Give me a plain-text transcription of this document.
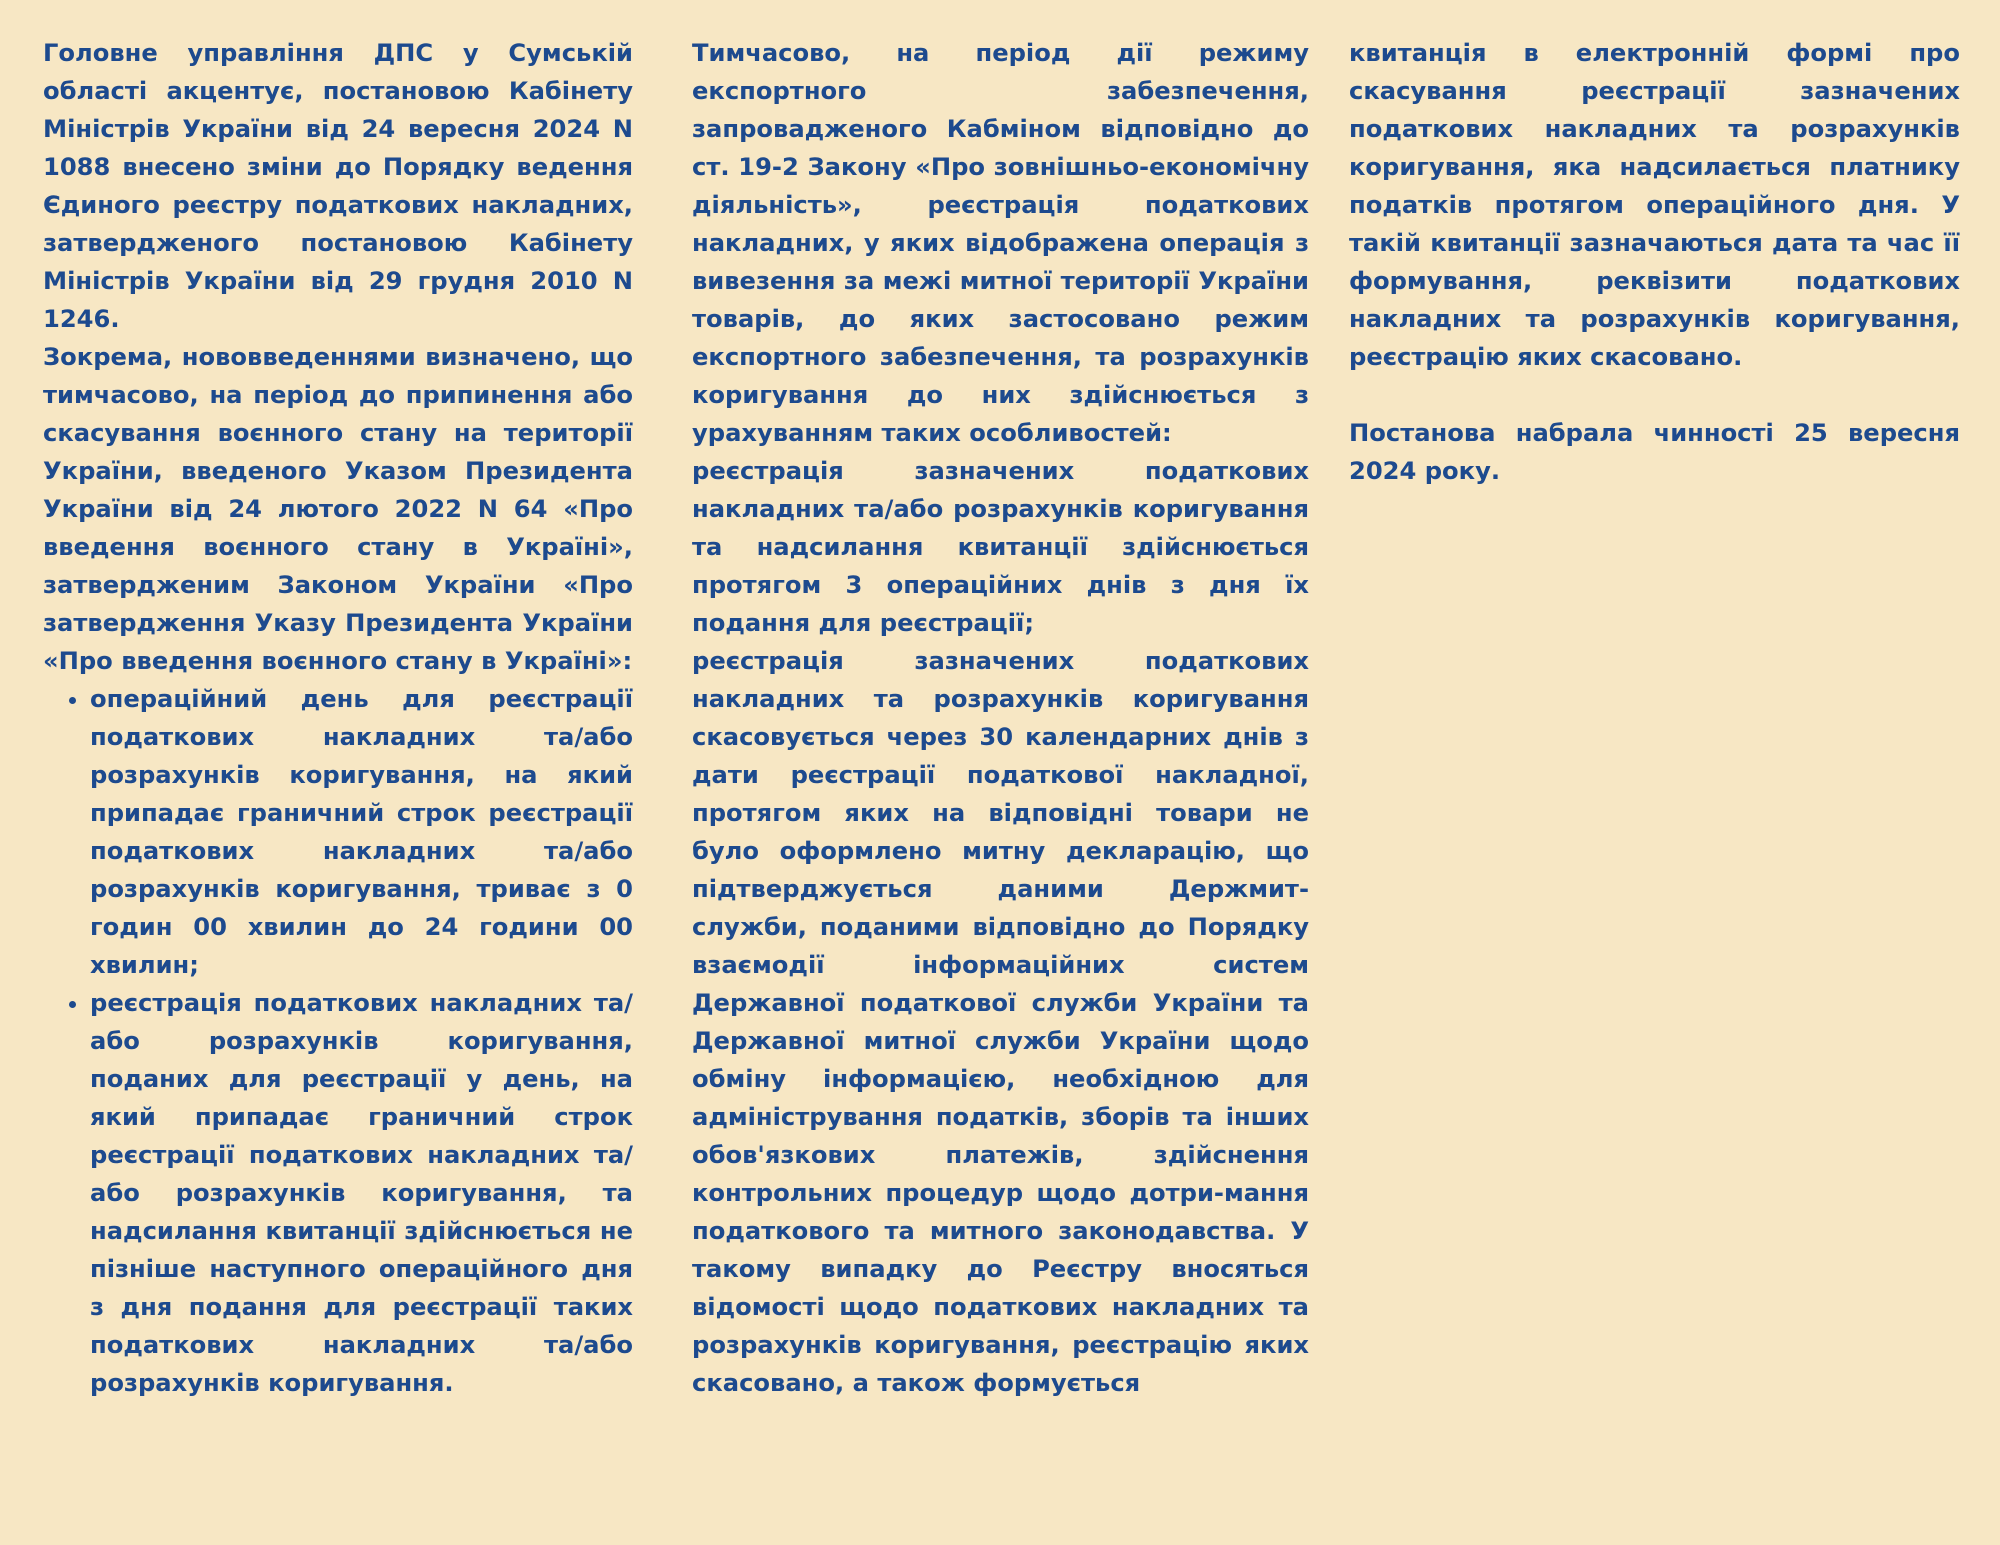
Головне управління ДПС у Сумській області акцентує, постановою Кабінету Міністрів України від 24 вересня 2024 N 1088 внесено зміни до Порядку ведення Єдиного реєстру податкових накладних, затвердженого постановою Кабінету Міністрів України від 29 грудня 2010 N 1246.

Зокрема, нововведеннями визначено, що тимчасово, на період до припинення або скасування воєнного стану на території України, введеного Указом Президента України від 24 лютого 2022 N 64 «Про введення воєнного стану в Україні», затвердженим Законом України «Про затвердження Указу Президента України «Про введення воєнного стану в Україні»:

• операційний день для реєстрації податкових накладних та/або розрахунків коригування, на який припадає граничний строк реєстрації податкових накладних та/або розрахунків коригування, триває з 0 годин 00 хвилин до 24 години 00 хвилин;
• реєстрація податкових накладних та/або розрахунків коригування, поданих для реєстрації у день, на який припадає граничний строк реєстрації податкових накладних та/або розрахунків коригування, та надсилання квитанції здійснюється не пізніше наступного операційного дня з дня подання для реєстрації таких податкових накладних та/або розрахунків коригування.

Тимчасово, на період дії режиму експортного забезпечення, запровадженого Кабміном відповідно до ст. 19-2 Закону «Про зовнішньо-економічну діяльність», реєстрація податкових накладних, у яких відображена операція з вивезення за межі митної території України товарів, до яких застосовано режим експортного забезпечення, та розрахунків коригування до них здійснюється з урахуванням таких особливостей:

реєстрація зазначених податкових накладних та/або розрахунків коригування та надсилання квитанції здійснюється протягом 3 операційних днів з дня їх подання для реєстрації;

реєстрація зазначених податкових накладних та розрахунків коригування скасовується через 30 календарних днів з дати реєстрації податкової накладної, протягом яких на відповідні товари не було оформлено митну декларацію, що підтверджується даними Держмит-служби, поданими відповідно до Порядку взаємодії інформаційних систем Державної податкової служби України та Державної митної служби України щодо обміну інформацією, необхідною для адміністрування податків, зборів та інших обов'язкових платежів, здійснення контрольних процедур щодо дотри-мання податкового та митного законодавства. У такому випадку до Реєстру вносяться відомості щодо податкових накладних та розрахунків коригування, реєстрацію яких скасовано, а також формується

квитанція в електронній формі про скасування реєстрації зазначених податкових накладних та розрахунків коригування, яка надсилається платнику податків протягом операційного дня. У такій квитанції зазначаються дата та час її формування, реквізити податкових накладних та розрахунків коригування, реєстрацію яких скасовано.

Постанова набрала чинності 25 вересня 2024 року.
